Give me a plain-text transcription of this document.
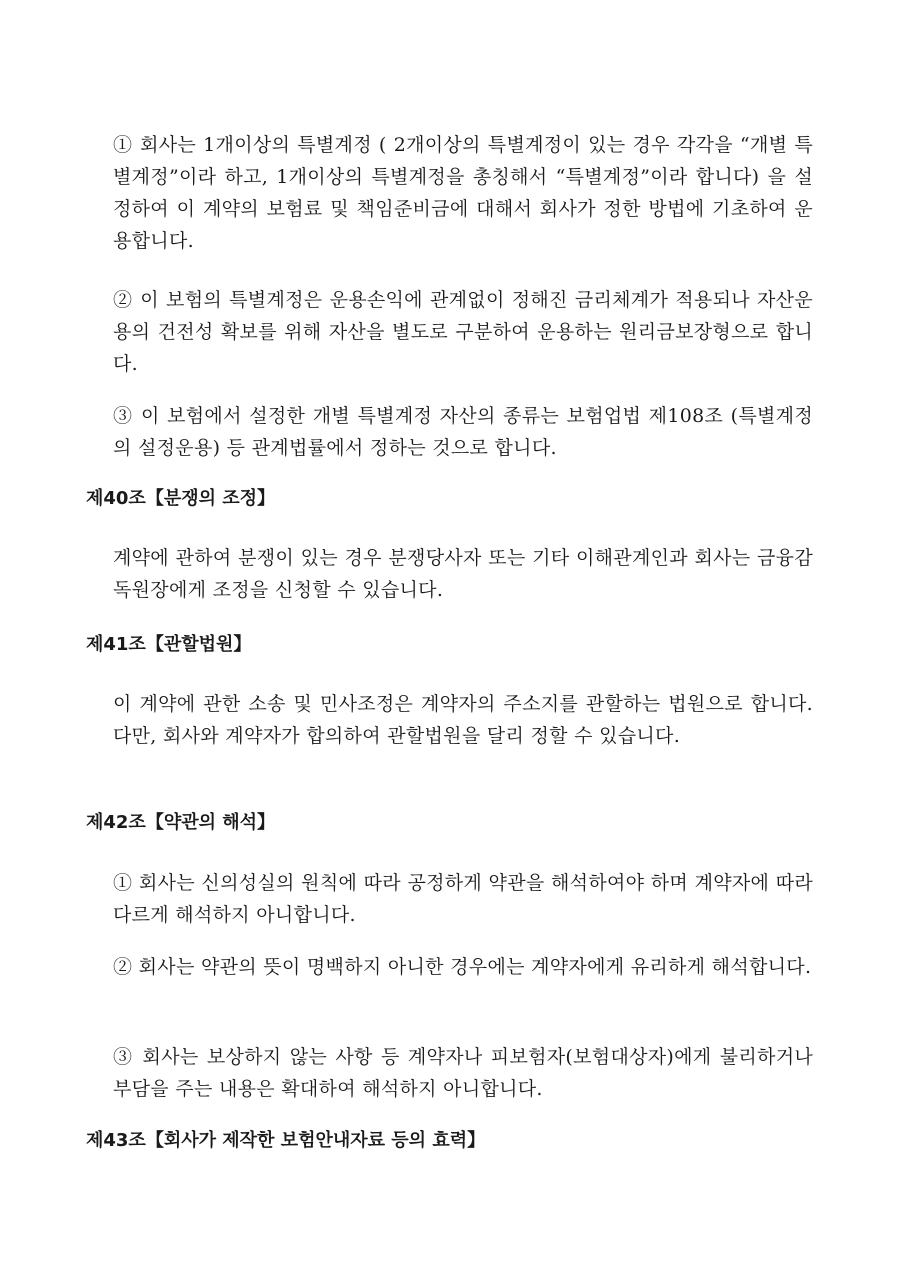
① 회사는 1개이상의 특별계정 ( 2개이상의 특별계정이 있는 경우 각각을 “개별 특별계정”이라 하고, 1개이상의 특별계정을 총칭해서 “특별계정”이라 합니다) 을 설정하여 이 계약의 보험료 및 책임준비금에 대해서 회사가 정한 방법에 기초하여 운용합니다.

② 이 보험의 특별계정은 운용손익에 관계없이 정해진 금리체계가 적용되나 자산운용의 건전성 확보를 위해 자산을 별도로 구분하여 운용하는 원리금보장형으로 합니다.

③ 이 보험에서 설정한 개별 특별계정 자산의 종류는 보험업법 제108조 (특별계정의 설정운용) 등 관계법률에서 정하는 것으로 합니다.

제40조【분쟁의 조정】

계약에 관하여 분쟁이 있는 경우 분쟁당사자 또는 기타 이해관계인과 회사는 금융감독원장에게 조정을 신청할 수 있습니다.

제41조【관할법원】

이 계약에 관한 소송 및 민사조정은 계약자의 주소지를 관할하는 법원으로 합니다. 다만, 회사와 계약자가 합의하여 관할법원을 달리 정할 수 있습니다.

제42조【약관의 해석】

① 회사는 신의성실의 원칙에 따라 공정하게 약관을 해석하여야 하며 계약자에 따라 다르게 해석하지 아니합니다.

② 회사는 약관의 뜻이 명백하지 아니한 경우에는 계약자에게 유리하게 해석합니다.

③ 회사는 보상하지 않는 사항 등 계약자나 피보험자(보험대상자)에게 불리하거나 부담을 주는 내용은 확대하여 해석하지 아니합니다.

제43조【회사가 제작한 보험안내자료 등의 효력】
